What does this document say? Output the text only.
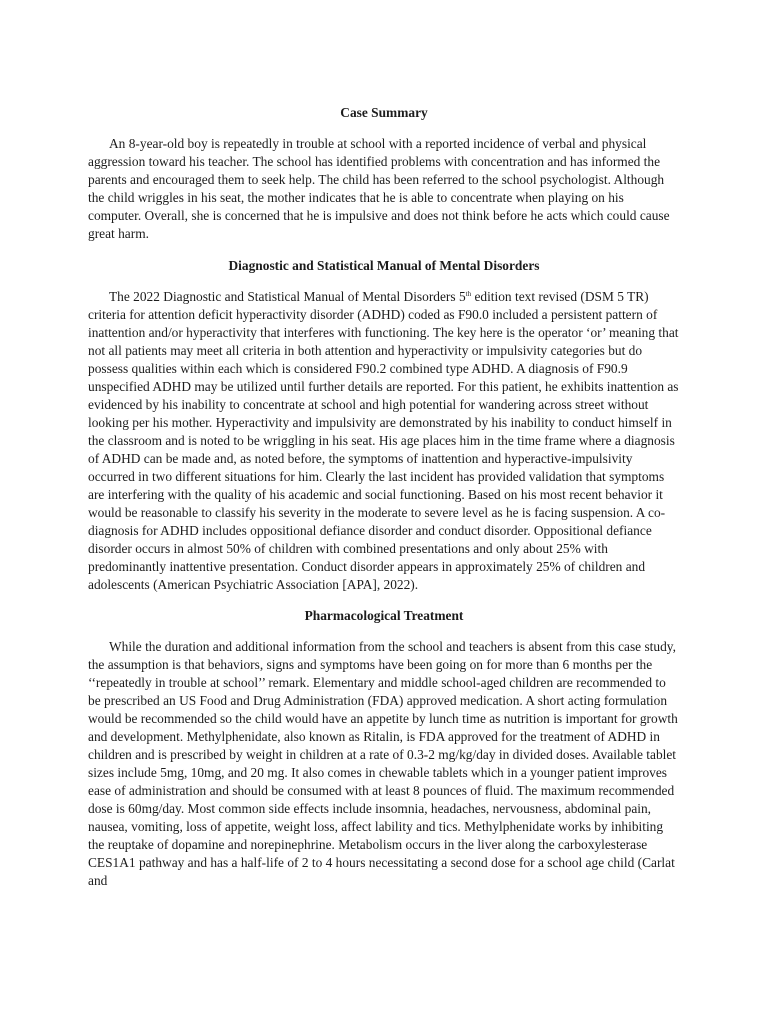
Case Summary

An 8-year-old boy is repeatedly in trouble at school with a reported incidence of verbal and physical aggression toward his teacher. The school has identified problems with concentration and has informed the parents and encouraged them to seek help. The child has been referred to the school psychologist. Although the child wriggles in his seat, the mother indicates that he is able to concentrate when playing on his computer. Overall, she is concerned that he is impulsive and does not think before he acts which could cause great harm.

Diagnostic and Statistical Manual of Mental Disorders

The 2022 Diagnostic and Statistical Manual of Mental Disorders 5th edition text revised (DSM 5 TR) criteria for attention deficit hyperactivity disorder (ADHD) coded as F90.0 included a persistent pattern of inattention and/or hyperactivity that interferes with functioning. The key here is the operator ‘or’ meaning that not all patients may meet all criteria in both attention and hyperactivity or impulsivity categories but do possess qualities within each which is considered F90.2 combined type ADHD. A diagnosis of F90.9 unspecified ADHD may be utilized until further details are reported. For this patient, he exhibits inattention as evidenced by his inability to concentrate at school and high potential for wandering across street without looking per his mother. Hyperactivity and impulsivity are demonstrated by his inability to conduct himself in the classroom and is noted to be wriggling in his seat. His age places him in the time frame where a diagnosis of ADHD can be made and, as noted before, the symptoms of inattention and hyperactive-impulsivity occurred in two different situations for him. Clearly the last incident has provided validation that symptoms are interfering with the quality of his academic and social functioning. Based on his most recent behavior it would be reasonable to classify his severity in the moderate to severe level as he is facing suspension. A co-diagnosis for ADHD includes oppositional defiance disorder and conduct disorder. Oppositional defiance disorder occurs in almost 50% of children with combined presentations and only about 25% with predominantly inattentive presentation. Conduct disorder appears in approximately 25% of children and adolescents (American Psychiatric Association [APA], 2022).

Pharmacological Treatment

While the duration and additional information from the school and teachers is absent from this case study, the assumption is that behaviors, signs and symptoms have been going on for more than 6 months per the ‘‘repeatedly in trouble at school’’ remark. Elementary and middle school-aged children are recommended to be prescribed an US Food and Drug Administration (FDA) approved medication. A short acting formulation would be recommended so the child would have an appetite by lunch time as nutrition is important for growth and development. Methylphenidate, also known as Ritalin, is FDA approved for the treatment of ADHD in children and is prescribed by weight in children at a rate of 0.3-2 mg/kg/day in divided doses. Available tablet sizes include 5mg, 10mg, and 20 mg. It also comes in chewable tablets which in a younger patient improves ease of administration and should be consumed with at least 8 pounces of fluid. The maximum recommended dose is 60mg/day. Most common side effects include insomnia, headaches, nervousness, abdominal pain, nausea, vomiting, loss of appetite, weight loss, affect lability and tics. Methylphenidate works by inhibiting the reuptake of dopamine and norepinephrine. Metabolism occurs in the liver along the carboxylesterase CES1A1 pathway and has a half-life of 2 to 4 hours necessitating a second dose for a school age child (Carlat and
